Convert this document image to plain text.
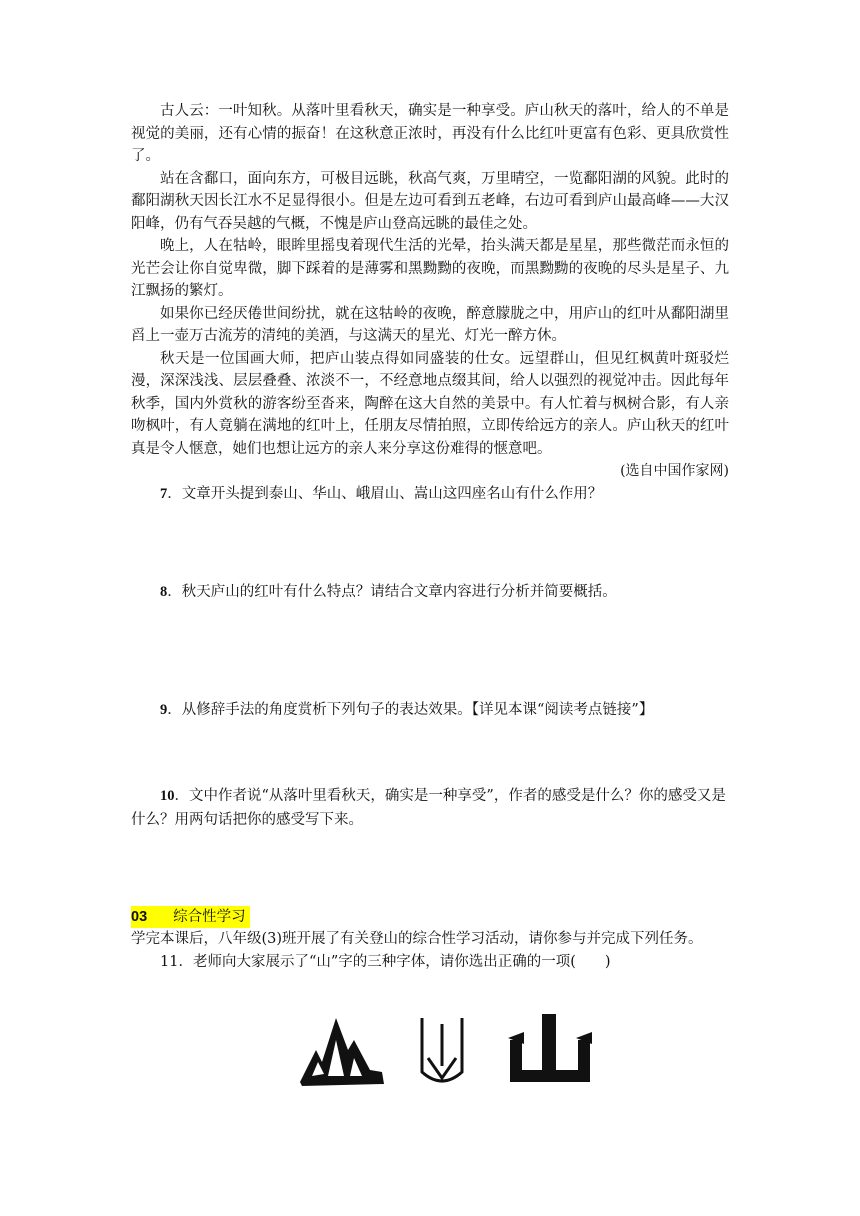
古人云：一叶知秋。从落叶里看秋天，确实是一种享受。庐山秋天的落叶，给人的不单是视觉的美丽，还有心情的振奋！在这秋意正浓时，再没有什么比红叶更富有色彩、更具欣赏性了。

站在含鄱口，面向东方，可极目远眺，秋高气爽，万里晴空，一览鄱阳湖的风貌。此时的鄱阳湖秋天因长江水不足显得很小。但是左边可看到五老峰，右边可看到庐山最高峰——大汉阳峰，仍有气吞吴越的气概，不愧是庐山登高远眺的最佳之处。

晚上，人在牯岭，眼眸里摇曳着现代生活的光晕，抬头满天都是星星，那些微茫而永恒的光芒会让你自觉卑微，脚下踩着的是薄雾和黑黝黝的夜晚，而黑黝黝的夜晚的尽头是星子、九江飘扬的繁灯。

如果你已经厌倦世间纷扰，就在这牯岭的夜晚，醉意朦胧之中，用庐山的红叶从鄱阳湖里舀上一壶万古流芳的清纯的美酒，与这满天的星光、灯光一醉方休。

秋天是一位国画大师，把庐山装点得如同盛装的仕女。远望群山，但见红枫黄叶斑驳烂漫，深深浅浅、层层叠叠、浓淡不一，不经意地点缀其间，给人以强烈的视觉冲击。因此每年秋季，国内外赏秋的游客纷至沓来，陶醉在这大自然的美景中。有人忙着与枫树合影，有人亲吻枫叶，有人竟躺在满地的红叶上，任朋友尽情拍照，立即传给远方的亲人。庐山秋天的红叶真是令人惬意，她们也想让远方的亲人来分享这份难得的惬意吧。

(选自中国作家网)

7．文章开头提到泰山、华山、峨眉山、嵩山这四座名山有什么作用？

8．秋天庐山的红叶有什么特点？请结合文章内容进行分析并简要概括。

9．从修辞手法的角度赏析下列句子的表达效果。【详见本课“阅读考点链接”】

10．文中作者说“从落叶里看秋天，确实是一种享受”，作者的感受是什么？你的感受又是什么？用两句话把你的感受写下来。

03 综合性学习

学完本课后，八年级(3)班开展了有关登山的综合性学习活动，请你参与并完成下列任务。

11．老师向大家展示了“山”字的三种字体，请你选出正确的一项(　　)
